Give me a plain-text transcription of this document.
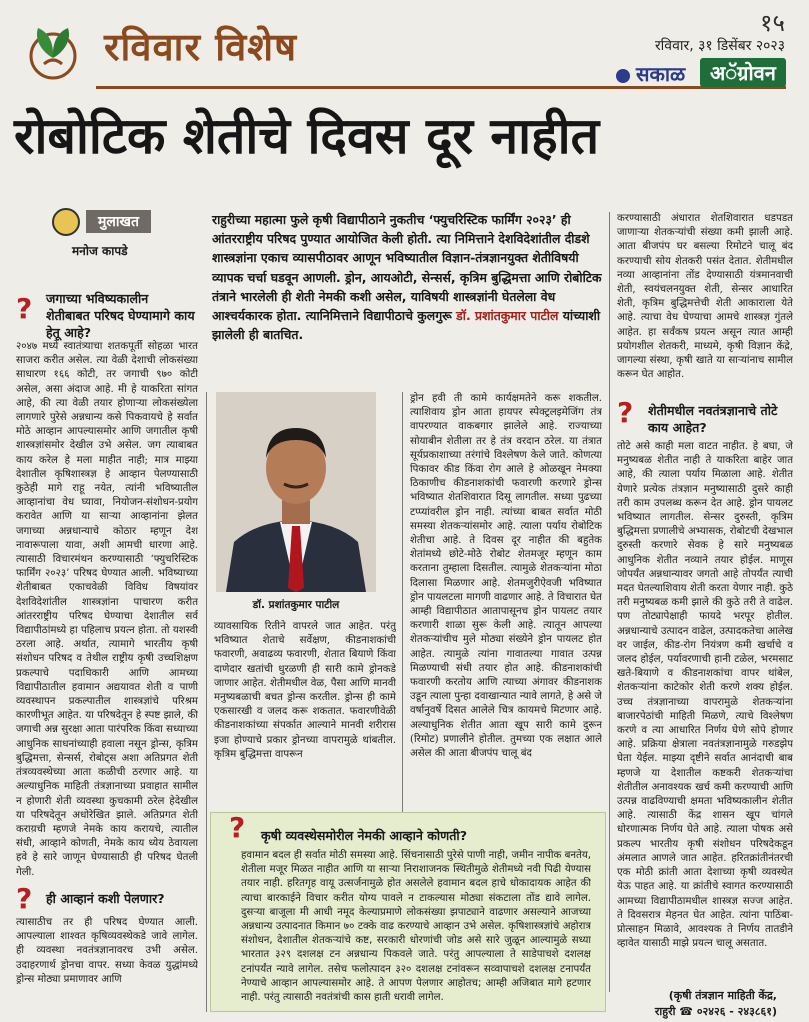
रविवार विशेष
१५
रविवार, ३१ डिसेंबर २०२३
सकाळ	अॅग्रोवन
रोबोटिक शेतीचे दिवस दूर नाहीत
मुलाखत
मनोज कापडे
राहुरीच्या महात्मा फुले कृषी विद्यापीठाने नुकतीच ‘फ्युचरिस्टिक फार्मिंग २०२३’ ही आंतरराष्ट्रीय परिषद पुण्यात आयोजित केली होती. त्या निमित्ताने देशविदेशांतील दीडशे शास्त्रज्ञांना एकाच व्यासपीठावर आणून भविष्यातील विज्ञान-तंत्रज्ञानयुक्त शेतीविषयी व्यापक चर्चा घडवून आणली. ड्रोन, आयओटी, सेन्सर्स, कृत्रिम बुद्धिमत्ता आणि रोबोटिक तंत्राने भारलेली ही शेती नेमकी कशी असेल, याविषयी शास्त्रज्ञांनी घेतलेला वेध आश्‍चर्यकारक होता. त्यानिमित्ताने विद्यापीठाचे कुलगुरू डॉ. प्रशांतकुमार पाटील यांच्याशी झालेली ही बातचित.
? जगाच्या भविष्यकालीन शेतीबाबत परिषद घेण्यामागे काय हेतू आहे?
२०४७ मध्ये स्वातंत्र्याचा शतकपूर्ती सोहळा भारत साजरा करीत असेल. त्या वेळी देशाची लोकसंख्या साधारण १६६ कोटी, तर जगाची ९७० कोटी असेल, असा अंदाज आहे. मी हे याकरिता सांगत आहे, की त्या वेळी तयार होणाऱ्या लोकसंख्येला लागणारे पुरेसे अन्नधान्य कसे पिकवायचे हे सर्वात मोठे आव्हान आपल्यासमोर आणि जगातील कृषी शास्त्रज्ञांसमोर देखील उभे असेल. जग त्याबाबत काय करेल हे मला माहीत नाही; मात्र माझ्या देशातील कृषिशास्त्रज्ञ हे आव्हान पेलण्यासाठी कुठेही मागे राहू नयेत, त्यांनी भविष्यातील आव्हानांचा वेध घ्यावा, नियोजन-संशोधन-प्रयोग करावेत आणि या साऱ्या आव्हानांना झेलत जगाच्या अन्नधान्याचे कोठार म्हणून देश नावारूपाला यावा, अशी आमची धारणा आहे. त्यासाठी विचारमंथन करण्यासाठी ‘फ्युचरिस्टिक फार्मिंग २०२३’ परिषद घेण्यात आली. भविष्याच्या शेतीबाबत एकाचवेळी विविध विषयांवर देशविदेशांतील शास्त्रज्ञांना पाचारण करीत आंतरराष्ट्रीय परिषद घेण्याचा देशातील सर्व विद्यापीठांमध्ये हा पहिलाच प्रयत्न होता. तो यशस्वी ठरला आहे. अर्थात, त्यामागे भारतीय कृषी संशोधन परिषद व तेथील राष्ट्रीय कृषी उच्चशिक्षण प्रकल्पाचे पदाधिकारी आणि आमच्या विद्यापीठातील हवामान अद्ययावत शेती व पाणी व्यवस्थापन प्रकल्पातील शास्त्रज्ञांचे परिश्रम कारणीभूत आहेत. या परिषदेतून हे स्पष्ट झाले, की जगाची अन्न सुरक्षा आता पारंपरिक किंवा सध्याच्या आधुनिक साधनांच्याही हवाला नसून ड्रोन्स, कृत्रिम बुद्धिमत्ता, सेन्सर्स, रोबोट्स अशा अतिप्रगत शेती तंत्रव्यवस्थेच्या आता कळीची ठरणार आहे. या अल्याधुनिक माहिती तंत्रज्ञानाच्या प्रवाहात सामील न होणारी शेती व्यवस्था कुचकामी ठरेल हेदेखील या परिषदेतून अधोरेखित झाले. अतिप्रगत शेती कराय़ची म्हणजे नेमके काय करायचे, त्यातील संधी, आव्हाने कोणती, नेमके काय ध्येय ठेवायला हवे हे सारे जाणून घेण्यासाठी ही परिषद घेतली गेली.
? ही आव्हानं कशी पेलणार?
त्यासाठीच तर ही परिषद घेण्यात आली. आपल्याला शाश्‍वत कृषिव्यवस्थेकडे जावे लागेल. ही व्यवस्था नवतंत्रज्ञानावरच उभी असेल. उदाहरणार्थ ड्रोनचा वापर. सध्या केवळ युद्धांमध्ये ड्रोन्स मोठ्या प्रमाणावर आणि
डॉ. प्रशांतकुमार पाटील
व्यावसायिक रितीने वापरले जात आहेत. परंतु भविष्यात शेताचे सर्वेक्षण, कीडनाशकांची फवारणी, अवाढव्य फवारणी, शेतात बियाणे किंवा दाणेदार खतांची धुरळणी ही सारी कामे ड्रोनकडे जाणार आहेत. शेतीमधील वेळ, पैसा आणि मानवी मनुष्यबळाची बचत ड्रोन्स करतील. ड्रोन्स ही कामे एकसारखी व जलद करू शकतात. फवारणीवेळी कीडनाशकांच्या संपर्कात आल्याने मानवी शरीरास इजा होण्याचे प्रकार ड्रोनच्या वापरामुळे थांबतील. कृत्रिम बुद्धिमत्ता वापरून
ड्रोन हवी ती कामे कार्यक्षमतेने करू शकतील. त्याशिवाय ड्रोन आता हायपर स्पेक्ट्रलइमेजिंग तंत्र वापरण्यात वाकबगार झालेले आहे. राज्याच्या सोयाबीन शेतीला तर हे तंत्र वरदान ठरेल. या तंत्रात सूर्यप्रकाशाच्या तरंगांचे विश्‍लेषण केले जाते. कोणत्या पिकावर कीड किंवा रोग आले हे ओळखून नेमक्या ठिकाणीच कीडनाशकांची फवारणी करणारे ड्रोन्स भविष्यात शेतशिवारात दिसू लागतील. सध्या पुढच्या टप्प्यांवरील ड्रोन नाही. त्यांच्या बाबत सर्वात मोठी समस्या शेतकऱ्यांसमोर आहे. त्याला पर्याय रोबोटिक शेतीचा आहे. ते दिवस दूर नाहीत की बहुतेक शेतांमध्ये छोटे-मोठे रोबोट शेतमजूर म्हणून काम करताना तुम्हाला दिसतील. त्यामुळे शेतकऱ्यांना मोठा दिलासा मिळणार आहे. शेतमजुरीऐवजी भविष्यात ड्रोन पायलटला मागणी वाढणार आहे. ते विचारात घेत आम्ही विद्यापीठात आतापासूनच ड्रोन पायलट तयार करणारी शाळा सुरू केली आहे. त्यातून आपल्या शेतकऱ्यांचीच मुले मोठ्या संख्येने ड्रोन पायलट होत आहेत. त्यामुळे त्यांना गावातल्या गावात उत्पन्न मिळण्याची संधी तयार होत आहे. कीडनाशकांची फवारणी करतोय आणि त्याच्या अंगावर कीडनाशक उडून त्याला पुन्हा दवाखान्यात न्यावे लागते, हे असे जे वर्षानुवर्षे दिसत आलेले चित्र कायमचे मिटणार आहे. अल्याधुनिक शेतीत आता खूप सारी कामे दुरून (रिमोट) प्रणालीने होतील. तुमच्या एक लक्षात आले असेल की आता बीजपंप चालू बंद
करण्यासाठी अंधारात शेतशिवारात धडपडत जाणाऱ्या शेतकऱ्यांची संख्या कमी झाली आहे. आता बीजपंप घर बसल्या रिमोटने चालू बंद करण्याची सोय शेतकरी पसंत देतात. शेतीमधील नव्या आव्हानांना तोंड देण्यासाठी यंत्रमानवाची शेती, स्वयंचलनयुक्त शेती, सेन्सर आधारित शेती, कृत्रिम बुद्धिमत्तेची शेती आकाराला येते आहे. त्याचा वेध घेण्याचा आमचे शास्त्रज्ञ गुंतले आहेत. हा सर्वंकष प्रयत्न असून त्यात आम्ही प्रयोगशील शेतकरी, माध्यमे, कृषी विज्ञान केंद्रे, जागल्या संस्था, कृषी खाते या साऱ्यांनाच सामील करून घेत आहोत.
? शेतीमधील नवतंत्रज्ञानाचे तोटे काय आहेत?
तोटे असे काही मला वाटत नाहीत. हे बघा, जे मनुष्यबळ शेतीत नाही ते याकरिता बाहेर जात आहे, की त्याला पर्याय मिळाला आहे. शेतीत येणारे प्रत्येक तंत्रज्ञान मनुष्यासाठी दुसरे काही तरी काम उपलब्ध करून देत आहे. ड्रोन पायलट भविष्यात लागतील. सेन्सर दुरुस्ती, कृत्रिम बुद्धिमत्ता प्रणालीचे अभ्यासक, रोबोटची देखभाल दुरुस्ती करणारे सेवक हे सारे मनुष्यबळ आधुनिक शेतीत नव्याने तयार होईल. माणूस जोपर्यंत अन्नधान्यावर जगतो आहे तोपर्यंत त्याची मदत घेतल्याशिवाय शेती करता येणार नाही. कुठे तरी मनुष्यबळ कमी झाले की कुठे तरी ते वाढेल. पण तोट्यापेक्षाही फायदे भरपूर होतील. अन्नधान्याचे उत्पादन वाढेल, उत्पादकतेचा आलेख वर जाईल, कीड-रोग नियंत्रण कमी खर्चाचे व जलद होईल, पर्यावरणाची हानी टळेल, भरमसाट खते-बियाणे व कीडनाशकांचा वापर थांबेल, शेतकऱ्यांना काटेकोर शेती करणे शक्य होईल. उच्च तंत्रज्ञानाच्या वापरामुळे शेतकऱ्यांना बाजारपेठांची माहिती मिळणे, त्याचे विश्‍लेषण करणे व त्या आधारित निर्णय घेणे सोपे होणार आहे. प्रक्रिया क्षेत्राला नवतंत्रज्ञानामुळे गरुडझेप घेता येईल. माझ्या दृष्टीने सर्वात आनंदाची बाब म्हणजे या देशातील कष्टकरी शेतकऱ्यांचा शेतीतील अनावश्यक खर्च कमी करण्याची आणि उत्पन्न वाढविण्याची क्षमता भविष्यकालीन शेतीत आहे. त्यासाठी केंद्र शासन खूप चांगले धोरणात्मक निर्णय घेते आहे. त्याला पोषक असे प्रकल्प भारतीय कृषी संशोधन परिषदेकडून अंमलात आणले जात आहेत. हरितक्रांतीनंतरची एक मोठी क्रांती आता देशाच्या कृषी व्यवस्थेत येऊ पाहत आहे. या क्रांतीचे स्वागत करण्यासाठी आमच्या विद्यापीठामधील शास्त्रज्ञ सज्ज आहेत. ते दिवसरात्र मेहनत घेत आहेत. त्यांना पाठिंबा-प्रोत्साहन मिळावे, आवश्यक ते निर्णय तातडीने व्हावेत यासाठी माझे प्रयत्न चालू असतात.
? कृषी व्यवस्थेसमोरील नेमकी आव्हाने कोणती?
हवामान बदल ही सर्वात मोठी समस्या आहे. सिंचनासाठी पुरेसे पाणी नाही, जमीन नापीक बनतेय, शेतीला मजूर मिळत नाहीत आणि या साऱ्या निराशाजनक स्थितीमुळे शेतीमध्ये नवी पिढी येण्यास तयार नाही. हरितगृह वायू उत्सर्जनामुळे होत असलेले हवामान बदल हाचे धोकादायक आहेत की त्याचा बारकाईने विचार करीत योग्य पावले न टाकल्यास मोठ्या संकटाला तोंड द्यावे लागेल. दुसऱ्या बाजूला मी आधी नमूद केल्याप्रमाणे लोकसंख्या झपाट्याने वाढणार असल्याने आजच्या अन्नधान्य उत्पादनात किमान ७० टक्के वाढ करण्याचे आव्हान उभे असेल. कृषिशास्त्रज्ञांचे अहोरात्र संशोधन, देशातील शेतकऱ्यांचे कष्ट, सरकारी धोरणांची जोड असे सारे जुळून आल्यामुळे सध्या भारतात ३२९ दशलक्ष टन अन्नधान्य पिकवले जाते. परंतु आपल्याला ते साडेपाचशे दशलक्ष टनांपर्यंत न्यावे लागेल. तसेच फलोत्पादन ३२० दशलक्ष टनांवरून सव्वापाचशे दशलक्ष टनापर्यंत नेण्याचे आव्हान आपल्यासमोर आहे. ते आपण पेलणार आहोतच; आम्ही अजिबात मागे हटणार नाही. परंतु त्यासाठी नवतंत्रांची कास हाती धरावी लागेल.	(कृषी तंत्रज्ञान माहिती केंद्र,
राहुरी ☎ ०२४२६ - २४३८६१)
